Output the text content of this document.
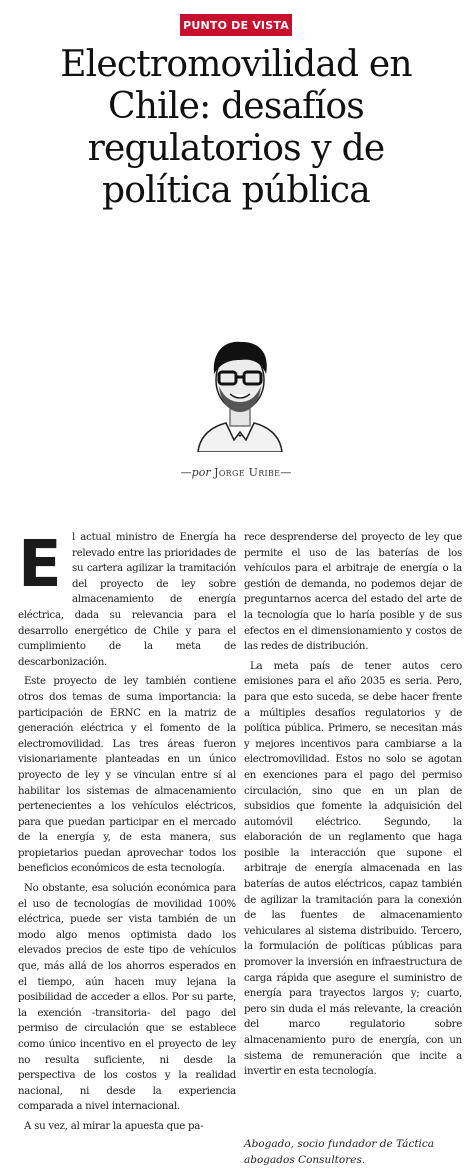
PUNTO DE VISTA
Electromovilidad en Chile: desafíos regulatorios y de política pública
—por Jorge Uribe—

E	l actual ministro de Energía ha relevado entre las prioridades de su cartera agilizar la tramitación del proyecto de ley sobre almacenamiento de energía eléctrica, dada su relevancia para el desarrollo energético de Chile y para el cumplimiento de la meta de descarbonización.

Este proyecto de ley también contiene otros dos temas de suma importancia: la participación de ERNC en la matriz de generación eléctrica y el fomento de la electromovilidad. Las tres áreas fueron visionariamente planteadas en un único proyecto de ley y se vinculan entre sí al habilitar los sistemas de almacenamiento pertenecientes a los vehículos eléctricos, para que puedan participar en el mercado de la energía y, de esta manera, sus propietarios puedan aprovechar todos los beneficios económicos de esta tecnología.

No obstante, esa solución económica para el uso de tecnologías de movilidad 100% eléctrica, puede ser vista también de un modo algo menos optimista dado los elevados precios de este tipo de vehículos que, más allá de los ahorros esperados en el tiempo, aún hacen muy lejana la posibilidad de acceder a ellos. Por su parte, la exención -transitoria- del pago del permiso de circulación que se establece como único incentivo en el proyecto de ley no resulta suficiente, ni desde la perspectiva de los costos y la realidad nacional, ni desde la experiencia comparada a nivel internacional.

A su vez, al mirar la apuesta que pa-

rece desprenderse del proyecto de ley que permite el uso de las baterías de los vehículos para el arbitraje de energía o la gestión de demanda, no podemos dejar de preguntarnos acerca del estado del arte de la tecnología que lo haría posible y de sus efectos en el dimensionamiento y costos de las redes de distribución.

La meta país de tener autos cero emisiones para el año 2035 es seria. Pero, para que esto suceda, se debe hacer frente a múltiples desafíos regulatorios y de política pública. Primero, se necesitan más y mejores incentivos para cambiarse a la electromovilidad. Estos no solo se agotan en exenciones para el pago del permiso circulación, sino que en un plan de subsidios que fomente la adquisición del automóvil eléctrico. Segundo, la elaboración de un reglamento que haga posible la interacción que supone el arbitraje de energía almacenada en las baterías de autos eléctricos, capaz también de agilizar la tramitación para la conexión de las fuentes de almacenamiento vehiculares al sistema distribuido. Tercero, la formulación de políticas públicas para promover la inversión en infraestructura de carga rápida que asegure el suministro de energía para trayectos largos y; cuarto, pero sin duda el más relevante, la creación del marco regulatorio sobre almacenamiento puro de energía, con un sistema de remuneración que incite a invertir en esta tecnología.

Abogado, socio fundador de Táctica abogados Consultores.
